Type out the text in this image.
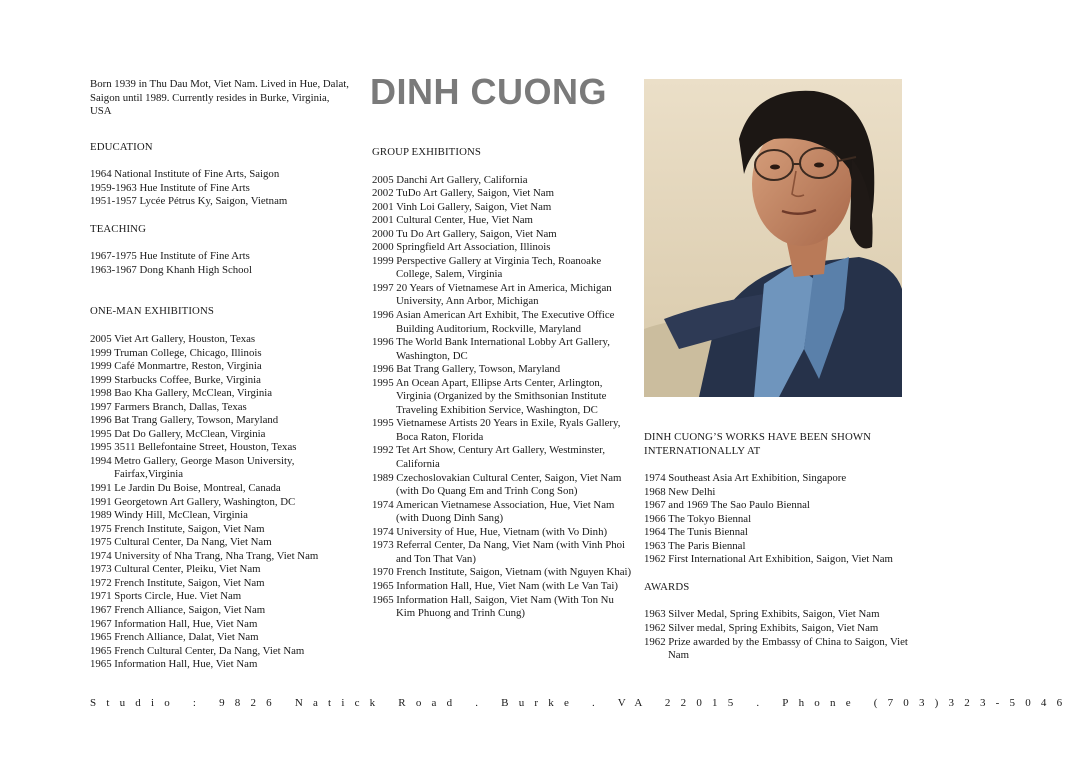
DINH CUONG

Born 1939 in Thu Dau Mot, Viet Nam. Lived in Hue, Dalat, Saigon until 1989. Currently resides in Burke, Virginia, USA

EDUCATION

1964 National Institute of Fine Arts, Saigon
1959-1963 Hue Institute of Fine Arts
1951-1957 Lycée Pétrus Ky, Saigon, Vietnam

TEACHING

1967-1975 Hue Institute of Fine Arts
1963-1967 Dong Khanh High School

ONE-MAN EXHIBITIONS

2005 Viet Art Gallery, Houston, Texas
1999 Truman College, Chicago, Illinois
1999 Café Monmartre, Reston, Virginia
1999 Starbucks Coffee, Burke, Virginia
1998 Bao Kha Gallery, McClean, Virginia
1997 Farmers Branch, Dallas, Texas
1996 Bat Trang Gallery, Towson, Maryland
1995 Dat Do Gallery, McClean, Virginia
1995 3511 Bellefontaine Street, Houston, Texas
1994 Metro Gallery, George Mason University, Fairfax,Virginia
1991 Le Jardin Du Boise, Montreal, Canada
1991 Georgetown Art Gallery, Washington, DC
1989 Windy Hill, McClean, Virginia
1975 French Institute, Saigon, Viet Nam
1975 Cultural Center, Da Nang, Viet Nam
1974 University of Nha Trang, Nha Trang, Viet Nam
1973 Cultural Center, Pleiku, Viet Nam
1972 French Institute, Saigon, Viet Nam
1971 Sports Circle, Hue. Viet Nam
1967 French Alliance, Saigon, Viet Nam
1967 Information Hall, Hue, Viet Nam
1965 French Alliance, Dalat, Viet Nam
1965 French Cultural Center, Da Nang, Viet Nam
1965 Information Hall, Hue, Viet Nam

GROUP EXHIBITIONS

2005 Danchi Art Gallery, California
2002 TuDo Art Gallery, Saigon, Viet Nam
2001 Vinh Loi Gallery, Saigon, Viet Nam
2001 Cultural Center, Hue, Viet Nam
2000 Tu Do Art Gallery, Saigon, Viet Nam
2000 Springfield Art Association, Illinois
1999 Perspective Gallery at Virginia Tech, Roanoake College, Salem, Virginia
1997 20 Years of Vietnamese Art in America, Michigan University, Ann Arbor, Michigan
1996 Asian American Art Exhibit, The Executive Office Building Auditorium, Rockville, Maryland
1996 The World Bank International Lobby Art Gallery, Washington, DC
1996 Bat Trang Gallery, Towson, Maryland
1995 An Ocean Apart, Ellipse Arts Center, Arlington, Virginia (Organized by the Smithsonian Institute Traveling Exhibition Service, Washington, DC
1995 Vietnamese Artists 20 Years in Exile, Ryals Gallery, Boca Raton, Florida
1992 Tet Art Show, Century Art Gallery, Westminster, California
1989 Czechoslovakian Cultural Center, Saigon, Viet Nam (with Do Quang Em and Trinh Cong Son)
1974 American Vietnamese Association, Hue, Viet Nam (with Duong Dinh Sang)
1974 University of Hue, Hue, Vietnam (with Vo Dinh)
1973 Referral Center, Da Nang, Viet Nam (with Vinh Phoi and Ton That Van)
1970 French Institute, Saigon, Vietnam (with Nguyen Khai)
1965 Information Hall, Hue, Viet Nam (with Le Van Tai)
1965 Information Hall, Saigon, Viet Nam (With Ton Nu Kim Phuong and Trinh Cung)

DINH CUONG’S WORKS HAVE BEEN SHOWN INTERNATIONALLY AT

1974 Southeast Asia Art Exhibition, Singapore
1968 New Delhi
1967 and 1969 The Sao Paulo Biennal
1966 The Tokyo Biennal
1964 The Tunis Biennal
1963 The Paris Biennal
1962 First International Art Exhibition, Saigon, Viet Nam

AWARDS

1963 Silver Medal, Spring Exhibits, Saigon, Viet Nam
1962 Silver medal, Spring Exhibits, Saigon, Viet Nam
1962 Prize awarded by the Embassy of China to Saigon, Viet Nam
Studio : 9826 Natick Road . Burke . VA 22015 . Phone (703)323-5046
